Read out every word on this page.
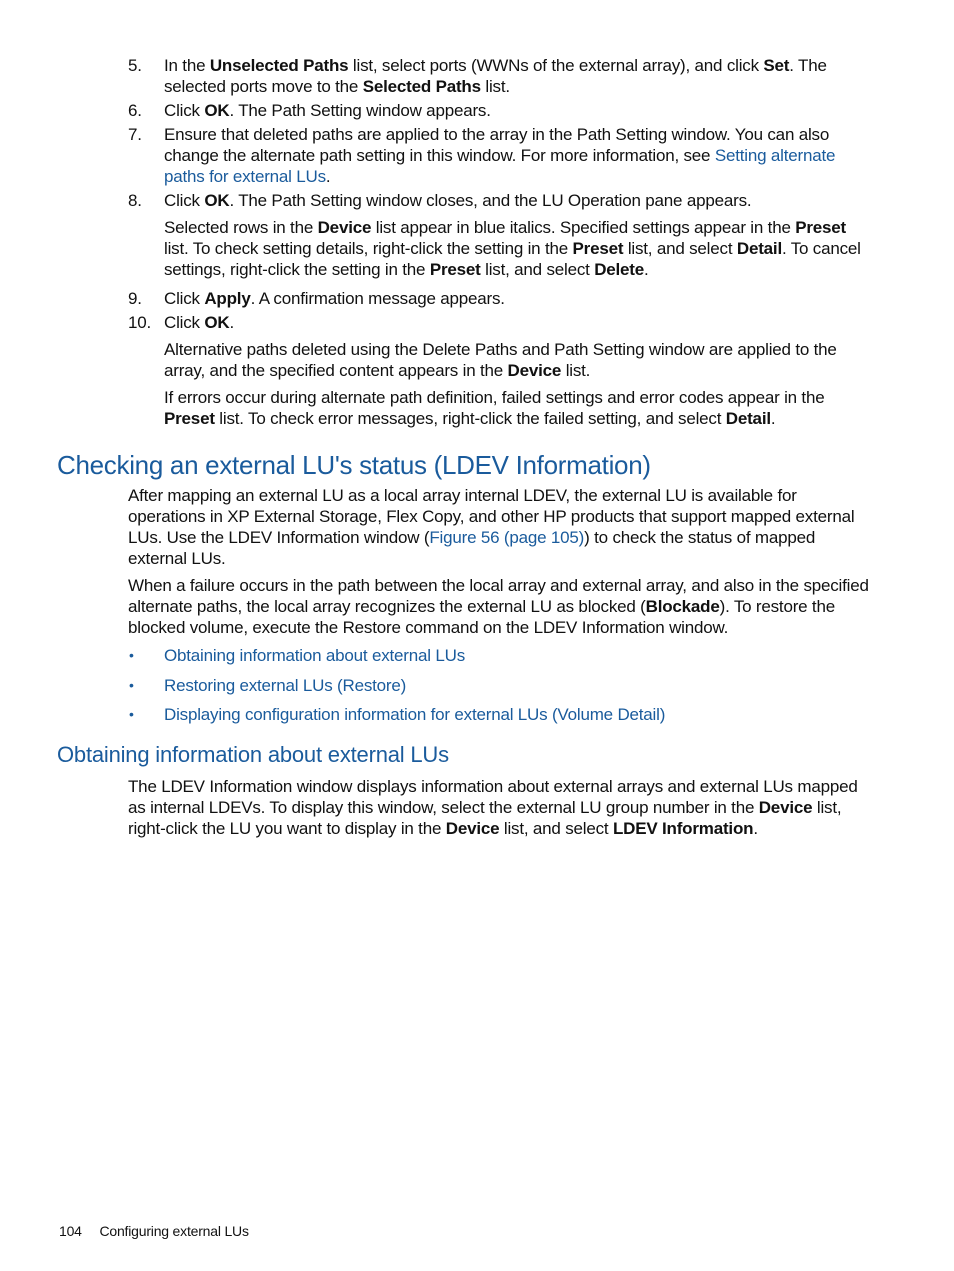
5. In the Unselected Paths list, select ports (WWNs of the external array), and click Set. The selected ports move to the Selected Paths list.
6. Click OK. The Path Setting window appears.
7. Ensure that deleted paths are applied to the array in the Path Setting window. You can also change the alternate path setting in this window. For more information, see Setting alternate paths for external LUs.
8. Click OK. The Path Setting window closes, and the LU Operation pane appears.
Selected rows in the Device list appear in blue italics. Specified settings appear in the Preset list. To check setting details, right-click the setting in the Preset list, and select Detail. To cancel settings, right-click the setting in the Preset list, and select Delete.
9. Click Apply. A confirmation message appears.
10. Click OK.
Alternative paths deleted using the Delete Paths and Path Setting window are applied to the array, and the specified content appears in the Device list.
If errors occur during alternate path definition, failed settings and error codes appear in the Preset list. To check error messages, right-click the failed setting, and select Detail.
Checking an external LU's status (LDEV Information)
After mapping an external LU as a local array internal LDEV, the external LU is available for operations in XP External Storage, Flex Copy, and other HP products that support mapped external LUs. Use the LDEV Information window (Figure 56 (page 105)) to check the status of mapped external LUs.
When a failure occurs in the path between the local array and external array, and also in the specified alternate paths, the local array recognizes the external LU as blocked (Blockade). To restore the blocked volume, execute the Restore command on the LDEV Information window.
• Obtaining information about external LUs
• Restoring external LUs (Restore)
• Displaying configuration information for external LUs (Volume Detail)
Obtaining information about external LUs
The LDEV Information window displays information about external arrays and external LUs mapped as internal LDEVs. To display this window, select the external LU group number in the Device list, right-click the LU you want to display in the Device list, and select LDEV Information.
104 Configuring external LUs
